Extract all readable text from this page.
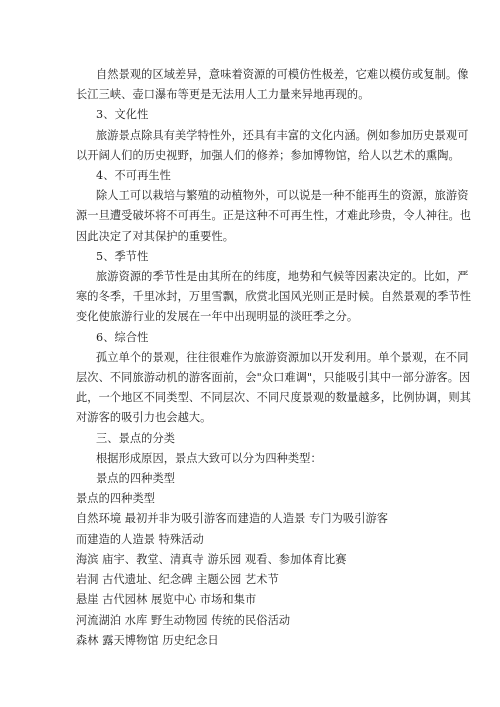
自然景观的区域差异，意味着资源的可模仿性极差，它难以模仿或复制。像
长江三峡、壶口瀑布等更是无法用人工力量来异地再现的。
3、文化性
旅游景点除具有美学特性外，还具有丰富的文化内涵。例如参加历史景观可
以开阔人们的历史视野，加强人们的修养；参加博物馆，给人以艺术的熏陶。
4、不可再生性
除人工可以栽培与繁殖的动植物外，可以说是一种不能再生的资源，旅游资
源一旦遭受破坏将不可再生。正是这种不可再生性，才难此珍贵，令人神往。也
因此决定了对其保护的重要性。
5、季节性
旅游资源的季节性是由其所在的纬度，地势和气候等因素决定的。比如，严
寒的冬季，千里冰封，万里雪飘，欣赏北国风光则正是时候。自然景观的季节性
变化使旅游行业的发展在一年中出现明显的淡旺季之分。
6、综合性
孤立单个的景观，往往很难作为旅游资源加以开发利用。单个景观，在不同
层次、不同旅游动机的游客面前，会"众口难调"，只能吸引其中一部分游客。因
此，一个地区不同类型、不同层次、不同尺度景观的数量越多，比例协调，则其
对游客的吸引力也会越大。
三、景点的分类
根据形成原因，景点大致可以分为四种类型：
景点的四种类型
景点的四种类型
自然环境 最初并非为吸引游客而建造的人造景 专门为吸引游客
而建造的人造景 特殊活动
海滨 庙宇、教堂、清真寺 游乐园 观看、参加体育比赛
岩洞 古代遗址、纪念碑 主题公园 艺术节
悬崖 古代园林 展览中心 市场和集市
河流湖泊 水库 野生动物园 传统的民俗活动
森林 露天博物馆 历史纪念日
